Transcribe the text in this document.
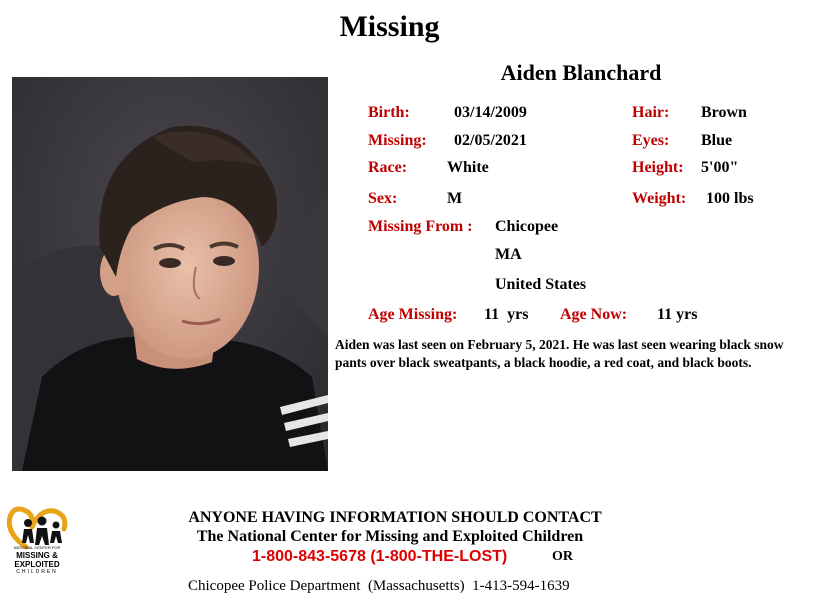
Missing
Aiden Blanchard
Birth:	03/14/2009
Missing: 02/05/2021
Race: White
Sex:	M
Hair: Brown
Eyes: Blue
Height: 5'00"
Weight: 100 lbs
Missing From : Chicopee
MA
United States
Age Missing: 11  yrs Age Now: 11 yrs
Aiden was last seen on February 5, 2021. He was last seen wearing black snow pants over black sweatpants, a black hoodie, a red coat, and black boots.
NATIONAL CENTER FOR
MISSING &
EXPLOITED
CHILDREN
ANYONE HAVING INFORMATION SHOULD CONTACT
The National Center for Missing and Exploited Children
1-800-843-5678 (1-800-THE-LOST)	OR
Chicopee Police Department  (Massachusetts)  1-413-594-1639
